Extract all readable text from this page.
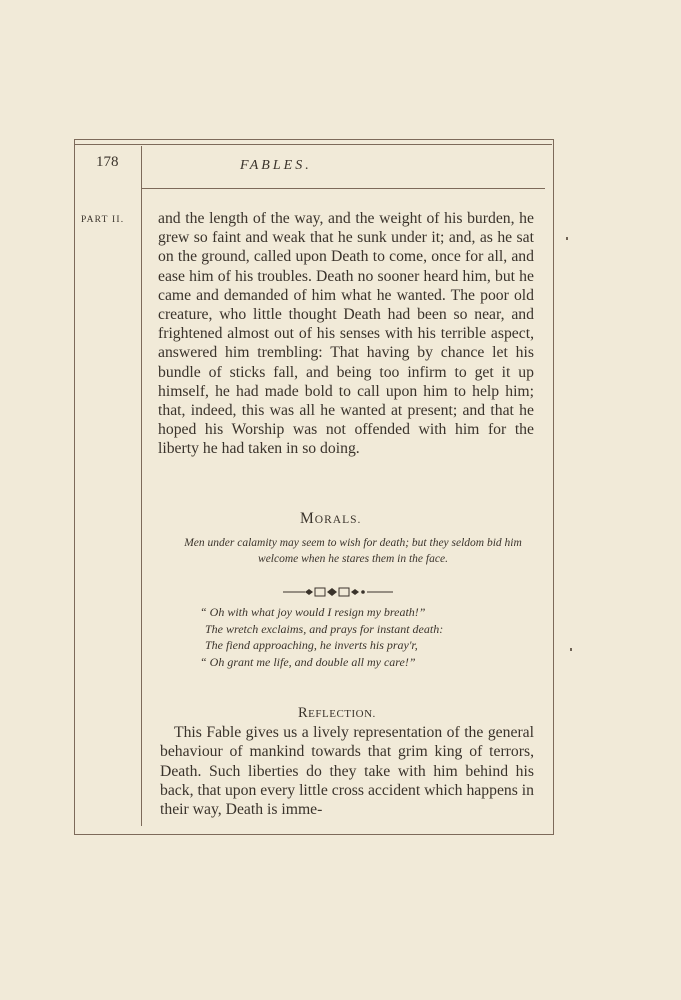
178	FABLES.
PART II. and the length of the way, and the weight of his burden, he grew so faint and weak that he sunk under it; and, as he sat on the ground, called upon Death to come, once for all, and ease him of his troubles. Death no sooner heard him, but he came and demanded of him what he wanted. The poor old creature, who little thought Death had been so near, and frightened almost out of his senses with his terrible aspect, answered him trembling: That having by chance let his bundle of sticks fall, and being too infirm to get it up himself, he had made bold to call upon him to help him; that, indeed, this was all he wanted at present; and that he hoped his Worship was not offended with him for the liberty he had taken in so doing.
MORALS.
Men under calamity may seem to wish for death; but they seldom bid him welcome when he stares them in the face.
“ Oh with what joy would I resign my breath!”
The wretch exclaims, and prays for instant death:
The fiend approaching, he inverts his pray'r,
“ Oh grant me life, and double all my care!”
REFLECTION.
This Fable gives us a lively representation of the general behaviour of mankind towards that grim king of terrors, Death. Such liberties do they take with him behind his back, that upon every little cross accident which happens in their way, Death is imme-
